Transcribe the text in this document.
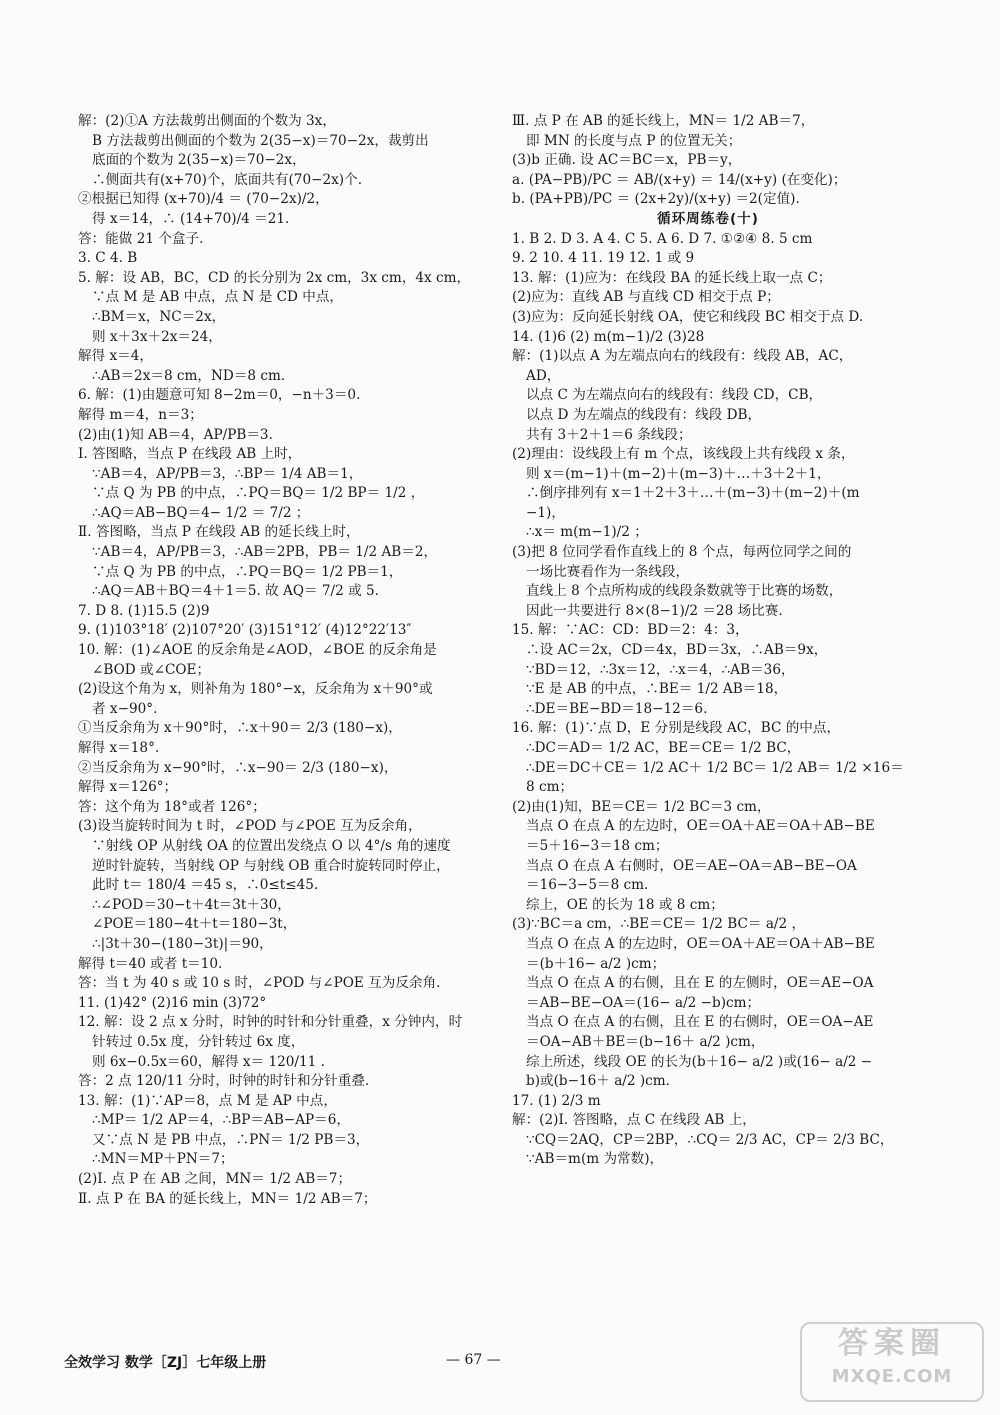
解：(2)①A 方法裁剪出侧面的个数为 3x，
B 方法裁剪出侧面的个数为 2(35−x)＝70−2x，裁剪出
底面的个数为 2(35−x)＝70−2x，
∴侧面共有(x+70)个，底面共有(70−2x)个.
②根据已知得 (x+70)/4 ＝ (70−2x)/2，
得 x＝14，∴ (14+70)/4 ＝21.
答：能做 21 个盒子.
3. C 4. B
5. 解：设 AB，BC，CD 的长分别为 2x cm，3x cm，4x cm，
∵点 M 是 AB 中点，点 N 是 CD 中点，
∴BM＝x，NC＝2x，
则 x＋3x＋2x＝24，
解得 x＝4，
∴AB＝2x＝8 cm，ND＝8 cm.
6. 解：(1)由题意可知 8−2m＝0，−n＋3＝0.
解得 m＝4，n＝3；
(2)由(1)知 AB＝4，AP/PB＝3.
Ⅰ. 答图略，当点 P 在线段 AB 上时，
∵AB＝4，AP/PB＝3，∴BP＝ 1/4 AB＝1，
∵点 Q 为 PB 的中点，∴PQ＝BQ＝ 1/2 BP＝ 1/2 ，
∴AQ＝AB−BQ＝4− 1/2 ＝ 7/2 ；
Ⅱ. 答图略，当点 P 在线段 AB 的延长线上时，
∵AB＝4，AP/PB＝3，∴AB＝2PB，PB＝ 1/2 AB＝2，
∵点 Q 为 PB 的中点，∴PQ＝BQ＝ 1/2 PB＝1，
∴AQ＝AB＋BQ＝4＋1＝5. 故 AQ＝ 7/2 或 5.
7. D 8. (1)15.5 (2)9
9. (1)103°18′ (2)107°20′ (3)151°12′ (4)12°22′13″
10. 解：(1)∠AOE 的反余角是∠AOD，∠BOE 的反余角是
∠BOD 或∠COE；
(2)设这个角为 x，则补角为 180°−x，反余角为 x＋90°或
者 x−90°.
①当反余角为 x＋90°时，∴x＋90＝ 2/3 (180−x)，
解得 x＝18°.
②当反余角为 x−90°时，∴x−90＝ 2/3 (180−x)，
解得 x＝126°；
答：这个角为 18°或者 126°；
(3)设当旋转时间为 t 时，∠POD 与∠POE 互为反余角，
∵射线 OP 从射线 OA 的位置出发绕点 O 以 4°/s 角的速度
逆时针旋转，当射线 OP 与射线 OB 重合时旋转同时停止，
此时 t＝ 180/4 ＝45 s，∴0≤t≤45.
∴∠POD＝30−t＋4t＝3t＋30，
∠POE＝180−4t＋t＝180−3t，
∴|3t＋30−(180−3t)|＝90，
解得 t＝40 或者 t＝10.
答：当 t 为 40 s 或 10 s 时，∠POD 与∠POE 互为反余角.
11. (1)42° (2)16 min (3)72°
12. 解：设 2 点 x 分时，时钟的时针和分针重叠，x 分钟内，时
针转过 0.5x 度，分针转过 6x 度，
则 6x−0.5x＝60，解得 x＝ 120/11 .
答：2 点 120/11 分时，时钟的时针和分针重叠.
13. 解：(1)∵AP＝8，点 M 是 AP 中点，
∴MP＝ 1/2 AP＝4，∴BP＝AB−AP＝6，
又∵点 N 是 PB 中点，∴PN＝ 1/2 PB＝3，
∴MN＝MP＋PN＝7；
(2)Ⅰ. 点 P 在 AB 之间，MN＝ 1/2 AB＝7；
Ⅱ. 点 P 在 BA 的延长线上，MN＝ 1/2 AB＝7；
Ⅲ. 点 P 在 AB 的延长线上，MN＝ 1/2 AB＝7，
即 MN 的长度与点 P 的位置无关；
(3)b 正确. 设 AC＝BC＝x，PB＝y，
a. (PA−PB)/PC ＝ AB/(x+y) ＝ 14/(x+y) (在变化)；
b. (PA+PB)/PC ＝ (2x+2y)/(x+y) ＝2(定值).
循环周练卷(十)
1. B 2. D 3. A 4. C 5. A 6. D 7. ①②④ 8. 5 cm
9. 2 10. 4 11. 19 12. 1 或 9
13. 解：(1)应为：在线段 BA 的延长线上取一点 C；
(2)应为：直线 AB 与直线 CD 相交于点 P；
(3)应为：反向延长射线 OA，使它和线段 BC 相交于点 D.
14. (1)6 (2) m(m−1)/2 (3)28
解：(1)以点 A 为左端点向右的线段有：线段 AB，AC，
AD，
以点 C 为左端点向右的线段有：线段 CD，CB，
以点 D 为左端点的线段有：线段 DB，
共有 3＋2＋1＝6 条线段；
(2)理由：设线段上有 m 个点，该线段上共有线段 x 条，
则 x＝(m−1)＋(m−2)＋(m−3)＋…＋3＋2＋1，
∴倒序排列有 x＝1＋2＋3＋…＋(m−3)＋(m−2)＋(m
−1)，
∴x＝ m(m−1)/2 ；
(3)把 8 位同学看作直线上的 8 个点，每两位同学之间的
一场比赛看作为一条线段，
直线上 8 个点所构成的线段条数就等于比赛的场数，
因此一共要进行 8×(8−1)/2 ＝28 场比赛.
15. 解：∵AC：CD：BD＝2：4：3，
∴设 AC＝2x，CD＝4x，BD＝3x，∴AB＝9x，
∵BD＝12，∴3x＝12，∴x＝4，∴AB＝36，
∵E 是 AB 的中点，∴BE＝ 1/2 AB＝18，
∴DE＝BE−BD＝18−12＝6.
16. 解：(1)∵点 D，E 分别是线段 AC，BC 的中点，
∴DC＝AD＝ 1/2 AC，BE＝CE＝ 1/2 BC，
∴DE＝DC＋CE＝ 1/2 AC＋ 1/2 BC＝ 1/2 AB＝ 1/2 ×16＝
8 cm；
(2)由(1)知，BE＝CE＝ 1/2 BC＝3 cm，
当点 O 在点 A 的左边时，OE＝OA＋AE＝OA＋AB−BE
＝5＋16−3＝18 cm；
当点 O 在点 A 右侧时，OE＝AE−OA＝AB−BE−OA
＝16−3−5＝8 cm.
综上，OE 的长为 18 或 8 cm；
(3)∵BC＝a cm，∴BE＝CE＝ 1/2 BC＝ a/2 ，
当点 O 在点 A 的左边时，OE＝OA＋AE＝OA＋AB−BE
＝(b＋16− a/2 )cm；
当点 O 在点 A 的右侧，且在 E 的左侧时，OE＝AE−OA
＝AB−BE−OA＝(16− a/2 −b)cm；
当点 O 在点 A 的右侧，且在 E 的右侧时，OE＝OA−AE
＝OA−AB＋BE＝(b−16＋ a/2 )cm，
综上所述，线段 OE 的长为(b＋16− a/2 )或(16− a/2 −
b)或(b−16＋ a/2 )cm.
17. (1) 2/3 m
解：(2)Ⅰ. 答图略，点 C 在线段 AB 上，
∵CQ＝2AQ，CP＝2BP，∴CQ＝ 2/3 AC，CP＝ 2/3 BC，
∵AB＝m(m 为常数)，
全效学习 数学［ZJ］七年级上册	— 67 —	答案圈
MXQE.COM
